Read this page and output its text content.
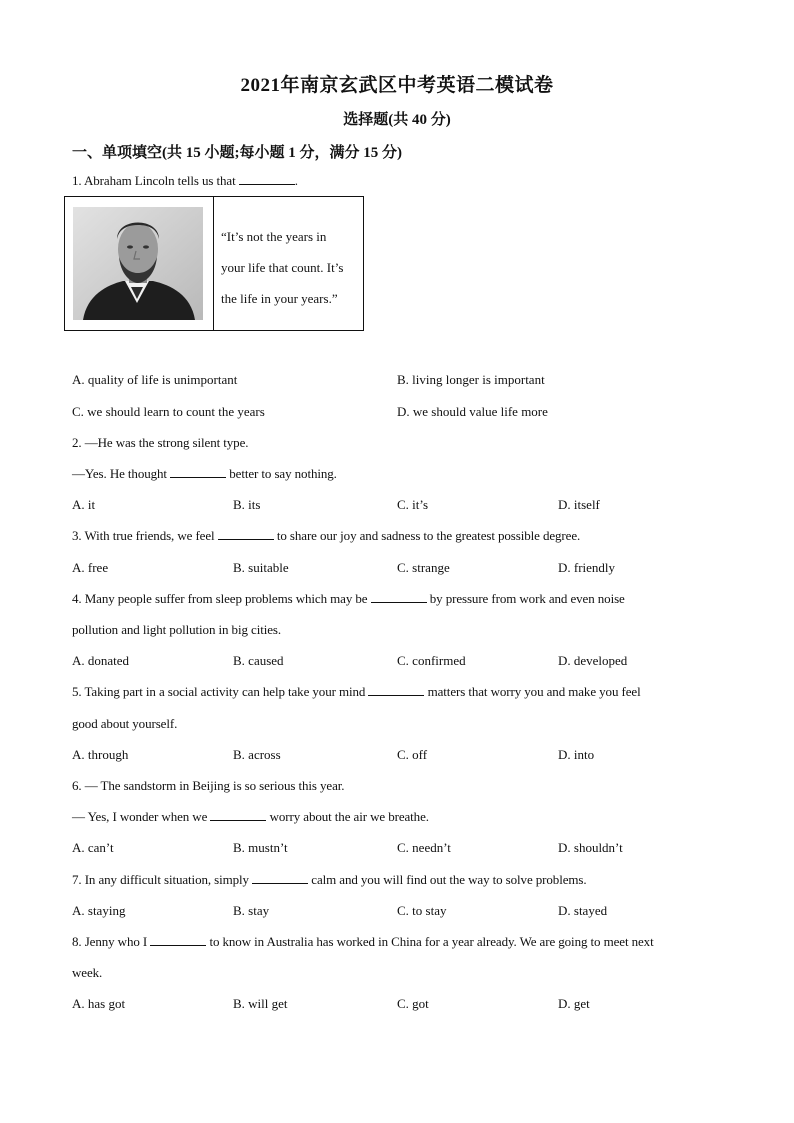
2021年南京玄武区中考英语二模试卷
选择题(共 40 分)
一、单项填空(共 15 小题;每小题 1 分，满分 15 分)
1. Abraham Lincoln tells us that	.
“It’s not the years in
your life that count. It’s
the life in your years.”
A. quality of life is unimportant	B. living longer is important
C. we should learn to count the years	D. we should value life more
2. —He was the strong silent type.
—Yes. He thought	better to say nothing.
A. it	B. its	C. it’s	D. itself
3. With true friends, we feel	to share our joy and sadness to the greatest possible degree.
A. free	B. suitable	C. strange	D. friendly
4. Many people suffer from sleep problems which may be	by pressure from work and even noise
pollution and light pollution in big cities.
A. donated	B. caused	C. confirmed	D. developed
5. Taking part in a social activity can help take your mind	matters that worry you and make you feel
good about yourself.
A. through	B. across	C. off	D. into
6. — The sandstorm in Beijing is so serious this year.
— Yes, I wonder when we	worry about the air we breathe.
A. can’t	B. mustn’t	C. needn’t	D. shouldn’t
7. In any difficult situation, simply	calm and you will find out the way to solve problems.
A. staying	B. stay	C. to stay	D. stayed
8. Jenny who I	to know in Australia has worked in China for a year already. We are going to meet next
week.
A. has got	B. will get	C. got	D. get
